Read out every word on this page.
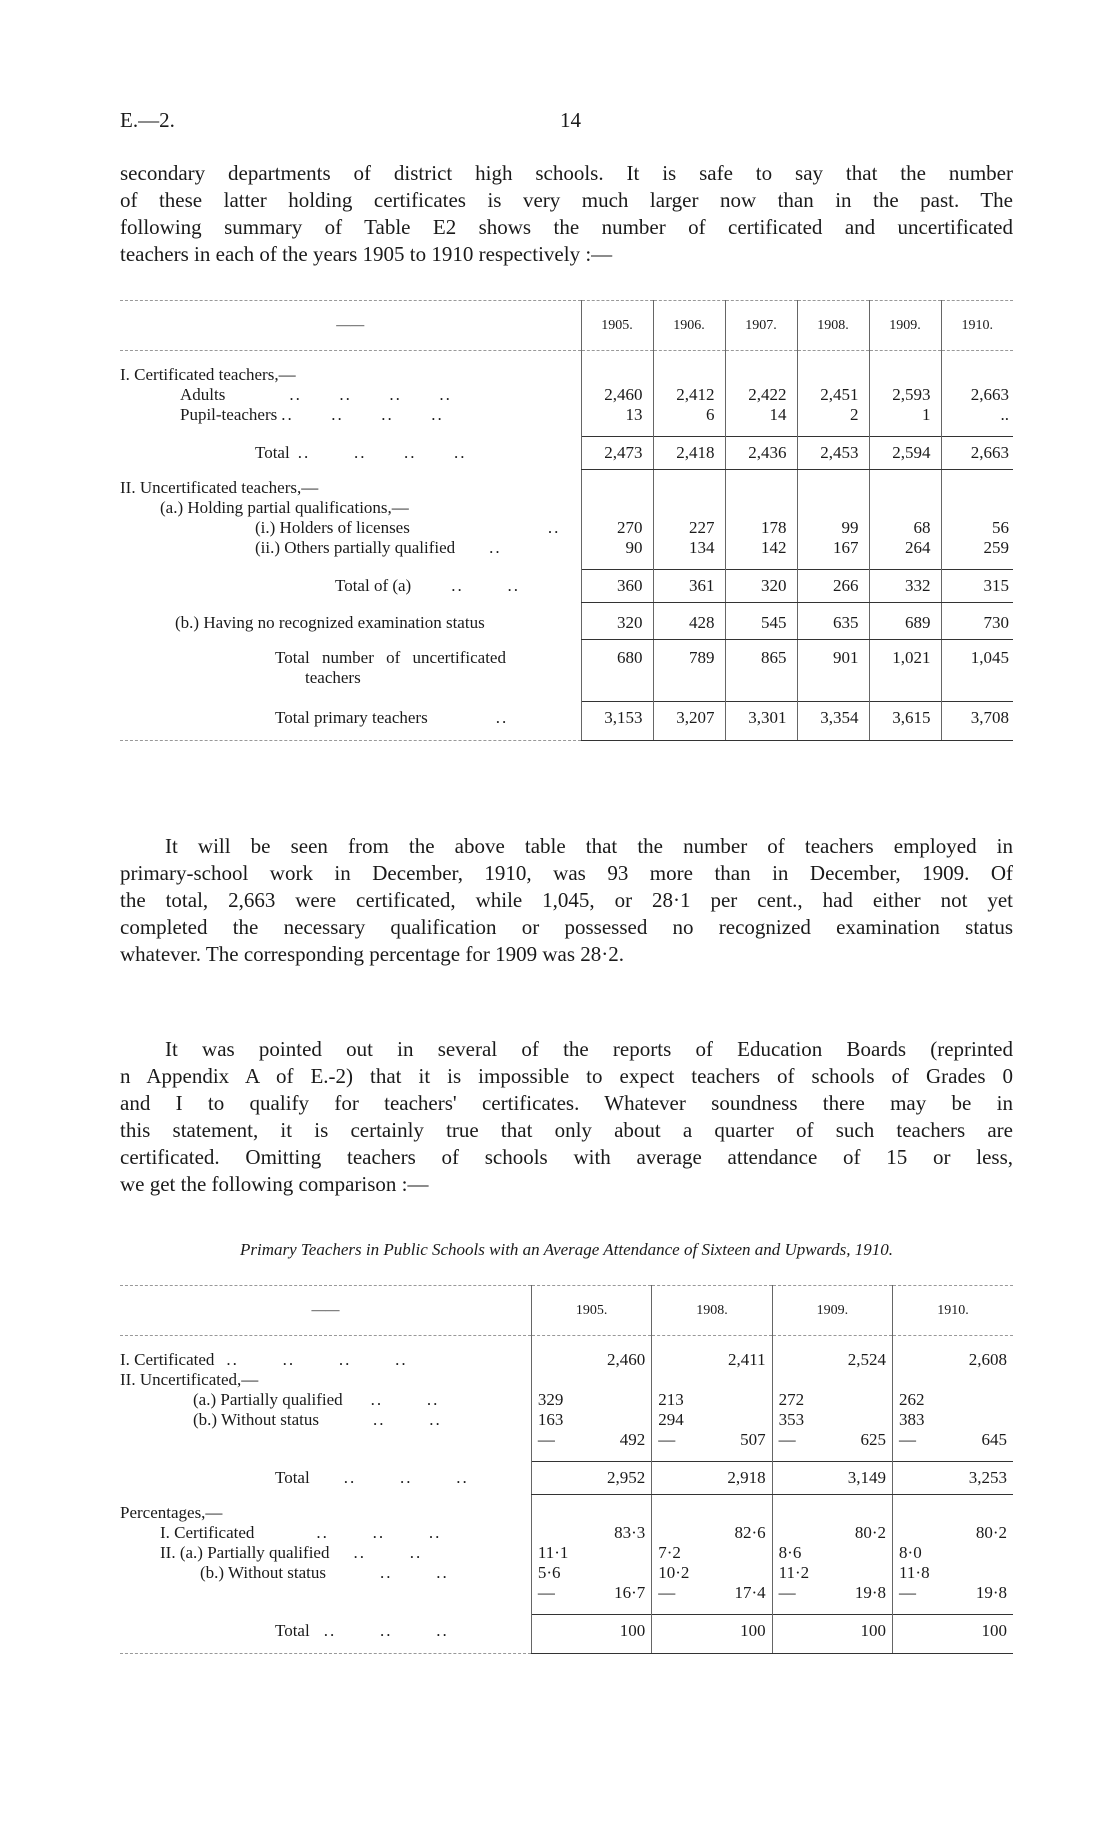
E.—2.	14
secondary departments of district high schools. It is safe to say that the number
of these latter holding certificates is very much larger now than in the past. The
following summary of Table E2 shows the number of certificated and uncertificated
teachers in each of the years 1905 to 1910 respectively :—
——	1905.	1906.	1907.	1908.	1909.	1910.

I. Certificated teachers,—						
Adults ..      ..      ..      ..	2,460	2,412	2,422	2,451	2,593	2,663
Pupil-teachers ..      ..      ..      ..	13	6	14	2	1	..

Total ..       ..      ..      ..	2,473	2,418	2,436	2,453	2,594	2,663
II. Uncertificated teachers,—						
(a.) Holding partial qualifications,—						
(i.) Holders of licenses ..	270	227	178	99	68	56
(ii.) Others partially qualified ..	90	134	142	167	264	259

Total of (a) ..       ..	360	361	320	266	332	315
(b.) Having no recognized examination status	320	428	545	635	689	730

Total number of uncertificated
teachers	680	789	865	901	1,021	1,045

Total primary teachers ..	3,153	3,207	3,301	3,354	3,615	3,708
It will be seen from the above table that the number of teachers employed in
primary-school work in December, 1910, was 93 more than in December, 1909. Of
the total, 2,663 were certificated, while 1,045, or 28·1 per cent., had either not yet
completed the necessary qualification or possessed no recognized examination status
whatever. The corresponding percentage for 1909 was 28·2.
It was pointed out in several of the reports of Education Boards (reprinted
n Appendix A of E.-2) that it is impossible to expect teachers of schools of Grades 0
and I to qualify for teachers' certificates. Whatever soundness there may be in
this statement, it is certainly true that only about a quarter of such teachers are
certificated. Omitting teachers of schools with average attendance of 15 or less,
we get the following comparison :—
Primary Teachers in Public Schools with an Average Attendance of Sixteen and Upwards, 1910.
——	1905.	1908.	1909.	1910.

I. Certificated ..       ..       ..       ..	2,460	2,411	2,524	2,608
II. Uncertificated,—				
(a.) Partially qualified ..       ..	329	213	272	262
(b.) Without status ..       ..	163	294	353	383

	— 492	— 507	— 625	— 645

Total ..       ..       ..	2,952	2,918	3,149	3,253
Percentages,—				
I. Certificated ..       ..       ..	83·3	82·6	80·2	80·2
II. (a.) Partially qualified ..       ..	11·1	7·2	8·6	8·0
(b.) Without status ..       ..	5·6	10·2	11·2	11·8

	— 16·7	— 17·4	— 19·8	— 19·8

Total ..       ..       ..	100	100	100	100
